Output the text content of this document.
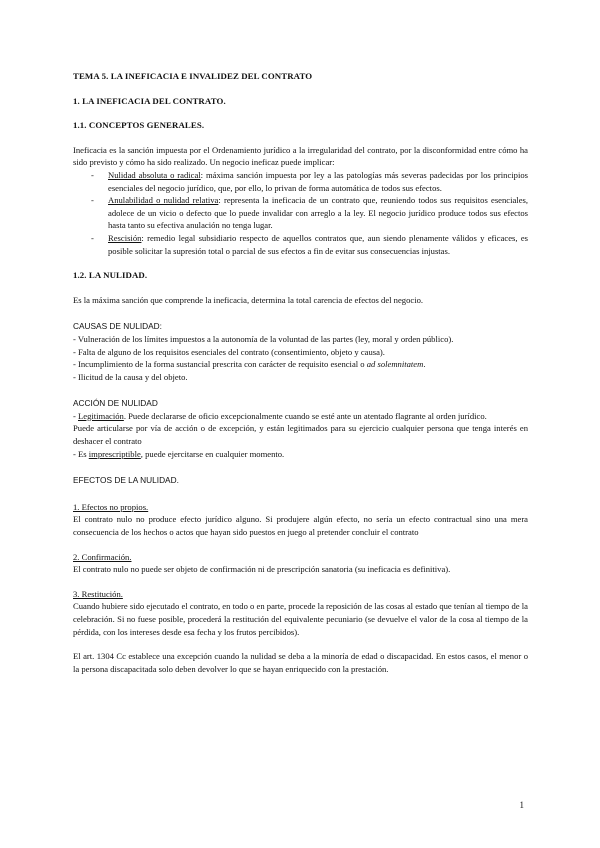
TEMA 5. LA INEFICACIA E INVALIDEZ DEL CONTRATO

1. LA INEFICACIA DEL CONTRATO.

1.1. CONCEPTOS GENERALES.

Ineficacia es la sanción impuesta por el Ordenamiento jurídico a la irregularidad del contrato, por la disconformidad entre cómo ha sido previsto y cómo ha sido realizado. Un negocio ineficaz puede implicar:

- Nulidad absoluta o radical: máxima sanción impuesta por ley a las patologías más severas padecidas por los principios esenciales del negocio jurídico, que, por ello, lo privan de forma automática de todos sus efectos.
- Anulabilidad o nulidad relativa: representa la ineficacia de un contrato que, reuniendo todos sus requisitos esenciales, adolece de un vicio o defecto que lo puede invalidar con arreglo a la ley. El negocio jurídico produce todos sus efectos hasta tanto su efectiva anulación no tenga lugar.
- Rescisión: remedio legal subsidiario respecto de aquellos contratos que, aun siendo plenamente válidos y eficaces, es posible solicitar la supresión total o parcial de sus efectos a fin de evitar sus consecuencias injustas.

1.2. LA NULIDAD.

Es la máxima sanción que comprende la ineficacia, determina la total carencia de efectos del negocio.

CAUSAS DE NULIDAD:

- Vulneración de los límites impuestos a la autonomía de la voluntad de las partes (ley, moral y orden público).

- Falta de alguno de los requisitos esenciales del contrato (consentimiento, objeto y causa).

- Incumplimiento de la forma sustancial prescrita con carácter de requisito esencial o ad solemnitatem.

- Ilicitud de la causa y del objeto.

ACCIÓN DE NULIDAD

- Legitimación. Puede declararse de oficio excepcionalmente cuando se esté ante un atentado flagrante al orden jurídico.

Puede articularse por vía de acción o de excepción, y están legitimados para su ejercicio cualquier persona que tenga interés en deshacer el contrato

- Es imprescriptible, puede ejercitarse en cualquier momento.

EFECTOS DE LA NULIDAD.

1. Efectos no propios.

El contrato nulo no produce efecto jurídico alguno. Si produjere algún efecto, no sería un efecto contractual sino una mera consecuencia de los hechos o actos que hayan sido puestos en juego al pretender concluir el contrato

2. Confirmación.

El contrato nulo no puede ser objeto de confirmación ni de prescripción sanatoria (su ineficacia es definitiva).

3. Restitución.

Cuando hubiere sido ejecutado el contrato, en todo o en parte, procede la reposición de las cosas al estado que tenían al tiempo de la celebración. Si no fuese posible, procederá la restitución del equivalente pecuniario (se devuelve el valor de la cosa al tiempo de la pérdida, con los intereses desde esa fecha y los frutos percibidos).

El art. 1304 Cc establece una excepción cuando la nulidad se deba a la minoría de edad o discapacidad. En estos casos, el menor o la persona discapacitada solo deben devolver lo que se hayan enriquecido con la prestación.

1
